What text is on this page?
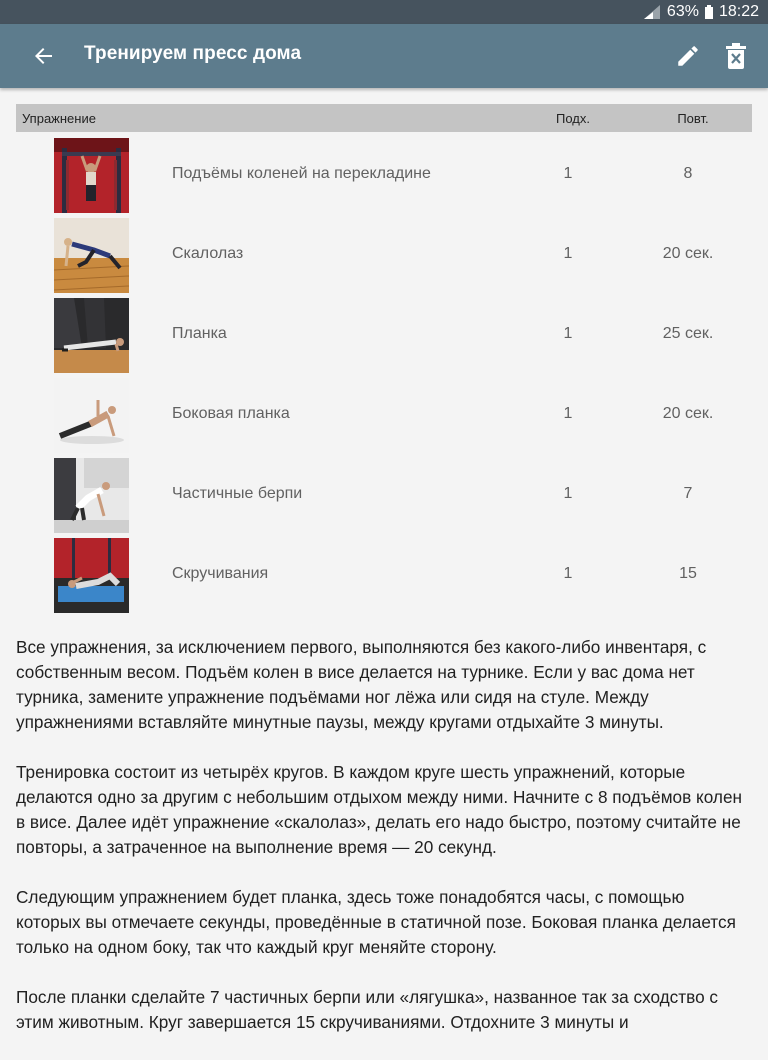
63% 18:22
Тренируем пресс дома
Упражнение	Подх.	Повт.
Подъёмы коленей на перекладине	1	8
Скалолаз	1	20 сек.
Планка	1	25 сек.
Боковая планка	1	20 сек.
Частичные берпи	1	7
Скручивания	1	15

Все упражнения, за исключением первого, выполняются без какого-либо инвентаря, с собственным весом. Подъём колен в висе делается на турнике. Если у вас дома нет турника, замените упражнение подъёмами ног лёжа или сидя на стуле. Между упражнениями вставляйте минутные паузы, между кругами отдыхайте 3 минуты.

Тренировка состоит из четырёх кругов. В каждом круге шесть упражнений, которые делаются одно за другим с небольшим отдыхом между ними. Начните с 8 подъёмов колен в висе. Далее идёт упражнение «скалолаз», делать его надо быстро, поэтому считайте не повторы, а затраченное на выполнение время — 20 секунд.

Следующим упражнением будет планка, здесь тоже понадобятся часы, с помощью которых вы отмечаете секунды, проведённые в статичной позе. Боковая планка делается только на одном боку, так что каждый круг меняйте сторону.

После планки сделайте 7 частичных берпи или «лягушка», названное так за сходство с этим животным. Круг завершается 15 скручиваниями. Отдохните 3 минуты и
